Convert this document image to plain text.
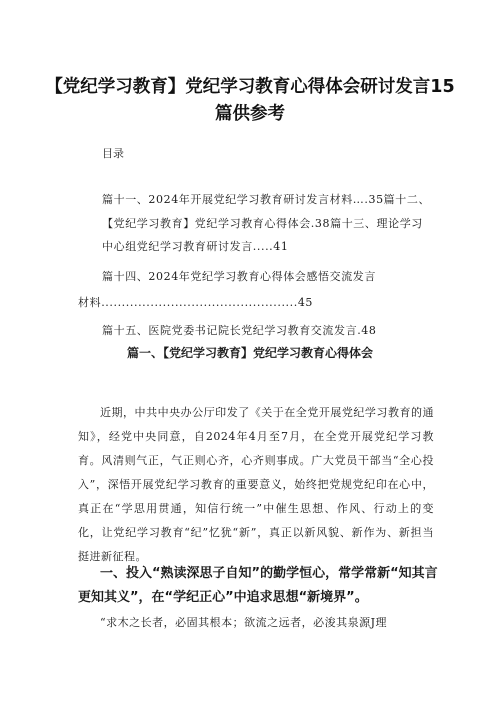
【党纪学习教育】党纪学习教育心得体会研讨发言15篇供参考
目录
篇十一、2024年开展党纪学习教育研讨发言材料….35篇十二、【党纪学习教育】党纪学习教育心得体会.38篇十三、理论学习中心组党纪学习教育研讨发言.....41
篇十四、2024年党纪学习教育心得体会感悟交流发言
材料................................................45
篇十五、医院党委书记院长党纪学习教育交流发言.48
篇一、【党纪学习教育】党纪学习教育心得体会
近期，中共中央办公厅印发了《关于在全党开展党纪学习教育的通知》，经党中央同意，自2024年4月至7月，在全党开展党纪学习教育。风清则气正，气正则心齐，心齐则事成。广大党员干部当“全心投入”，深悟开展党纪学习教育的重要意义，始终把党规党纪印在心中，真正在“学思用贯通，知信行统一”中催生思想、作风、行动上的变化，让党纪学习教育“纪”忆犹“新”，真正以新风貌、新作为、新担当挺进新征程。
一、投入“熟读深思子自知”的勤学恒心，常学常新“知其言更知其义”，在“学纪正心”中追求思想“新境界”。
“求木之长者，必固其根本；欲流之远者，必浚其泉源J理
